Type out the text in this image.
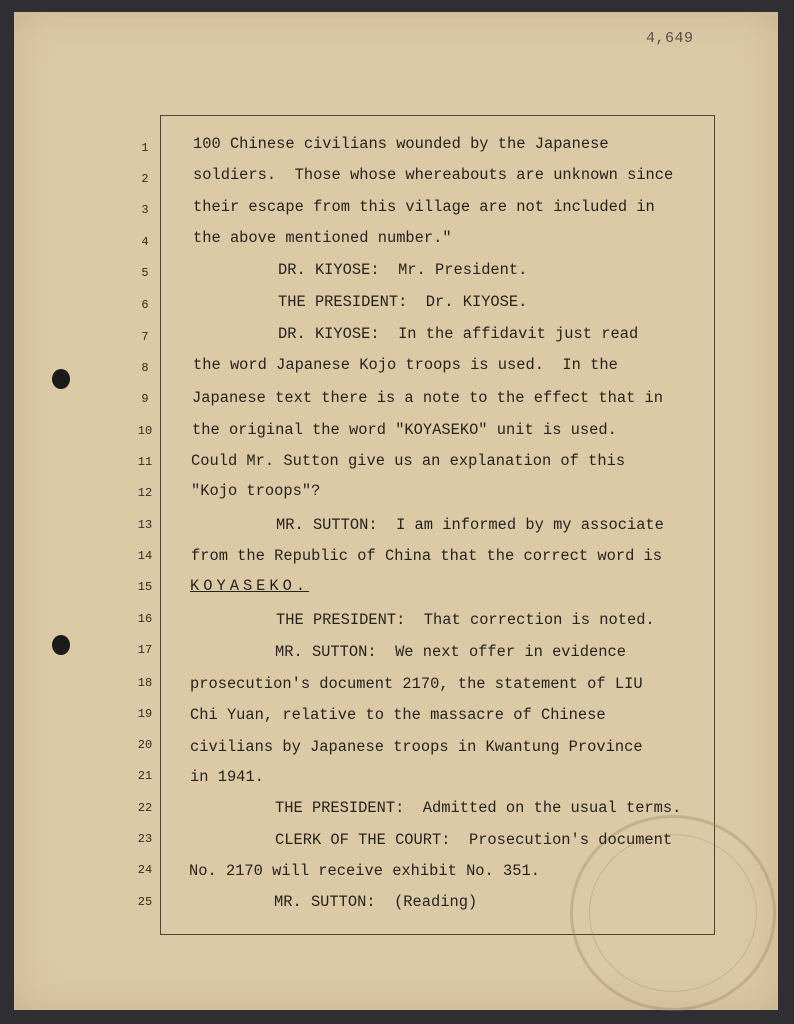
4,649
1
2
3
4
5
6
7
8
9
10
11
12
13
14
15
16
17
18
19
20
21
22
23
24
25
100 Chinese civilians wounded by the Japanese
soldiers.  Those whose whereabouts are unknown since
their escape from this village are not included in
the above mentioned number."
DR. KIYOSE:  Mr. President.
THE PRESIDENT:  Dr. KIYOSE.
DR. KIYOSE:  In the affidavit just read
the word Japanese Kojo troops is used.  In the
Japanese text there is a note to the effect that in
the original the word "KOYASEKO" unit is used.
Could Mr. Sutton give us an explanation of this
"Kojo troops"?
MR. SUTTON:  I am informed by my associate
from the Republic of China that the correct word is
KOYASEKO.
THE PRESIDENT:  That correction is noted.
MR. SUTTON:  We next offer in evidence
prosecution's document 2170, the statement of LIU
Chi Yuan, relative to the massacre of Chinese
civilians by Japanese troops in Kwantung Province
in 1941.
THE PRESIDENT:  Admitted on the usual terms.
CLERK OF THE COURT:  Prosecution's document
No. 2170 will receive exhibit No. 351.
MR. SUTTON:  (Reading)
